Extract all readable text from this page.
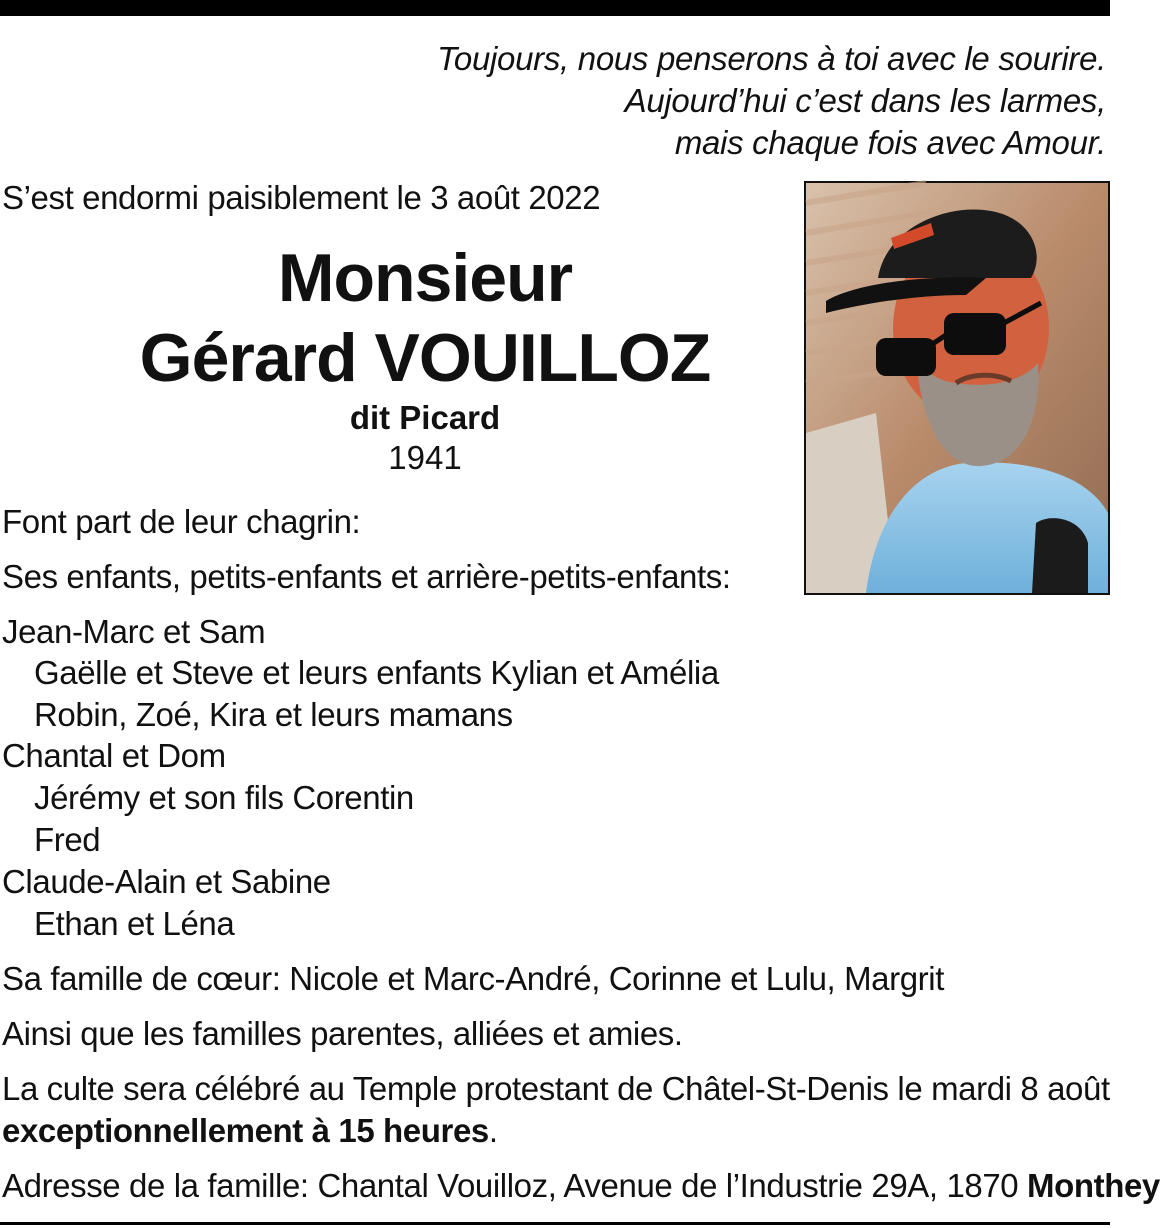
Toujours, nous penserons à toi avec le sourire.
Aujourd’hui c’est dans les larmes,
mais chaque fois avec Amour.
S’est endormi paisiblement le 3 août 2022
Monsieur
Gérard VOUILLOZ
dit Picard
1941
Font part de leur chagrin:
Ses enfants, petits-enfants et arrière-petits-enfants:
Jean-Marc et Sam
Gaëlle et Steve et leurs enfants Kylian et Amélia
Robin, Zoé, Kira et leurs mamans
Chantal et Dom
Jérémy et son fils Corentin
Fred
Claude-Alain et Sabine
Ethan et Léna
Sa famille de cœur: Nicole et Marc-André, Corinne et Lulu, Margrit
Ainsi que les familles parentes, alliées et amies.
La culte sera célébré au Temple protestant de Châtel-St-Denis le mardi 8 août
exceptionnellement à 15 heures.
Adresse de la famille: Chantal Vouilloz, Avenue de l’Industrie 29A, 1870 Monthey
